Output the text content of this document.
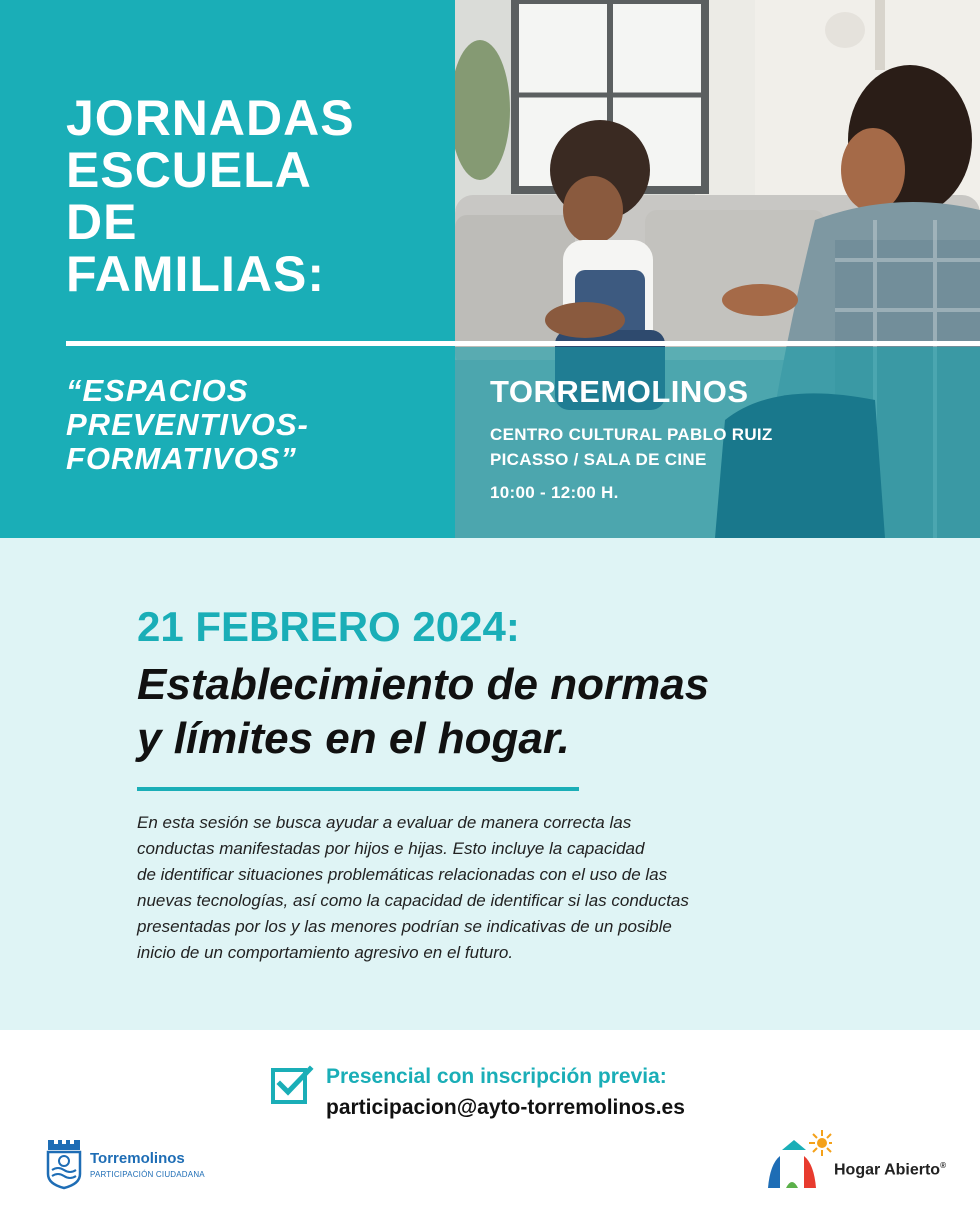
JORNADAS
ESCUELA
DE
FAMILIAS:
“ESPACIOS
PREVENTIVOS-
FORMATIVOS”
TORREMOLINOS
CENTRO CULTURAL PABLO RUIZ
PICASSO / SALA DE CINE
10:00 - 12:00 H.
21 FEBRERO 2024:
Establecimiento de normas
y límites en el hogar.
En esta sesión se busca ayudar a evaluar de manera correcta las
conductas manifestadas por hijos e hijas. Esto incluye la capacidad
de identificar situaciones problemáticas relacionadas con el uso de las
nuevas tecnologías, así como la capacidad de identificar si las conductas
presentadas por los y las menores podrían se indicativas de un posible
inicio de un comportamiento agresivo en el futuro.
Presencial con inscripción previa:
participacion@ayto-torremolinos.es
Torremolinos
PARTICIPACIÓN CIUDADANA	Hogar Abierto®
